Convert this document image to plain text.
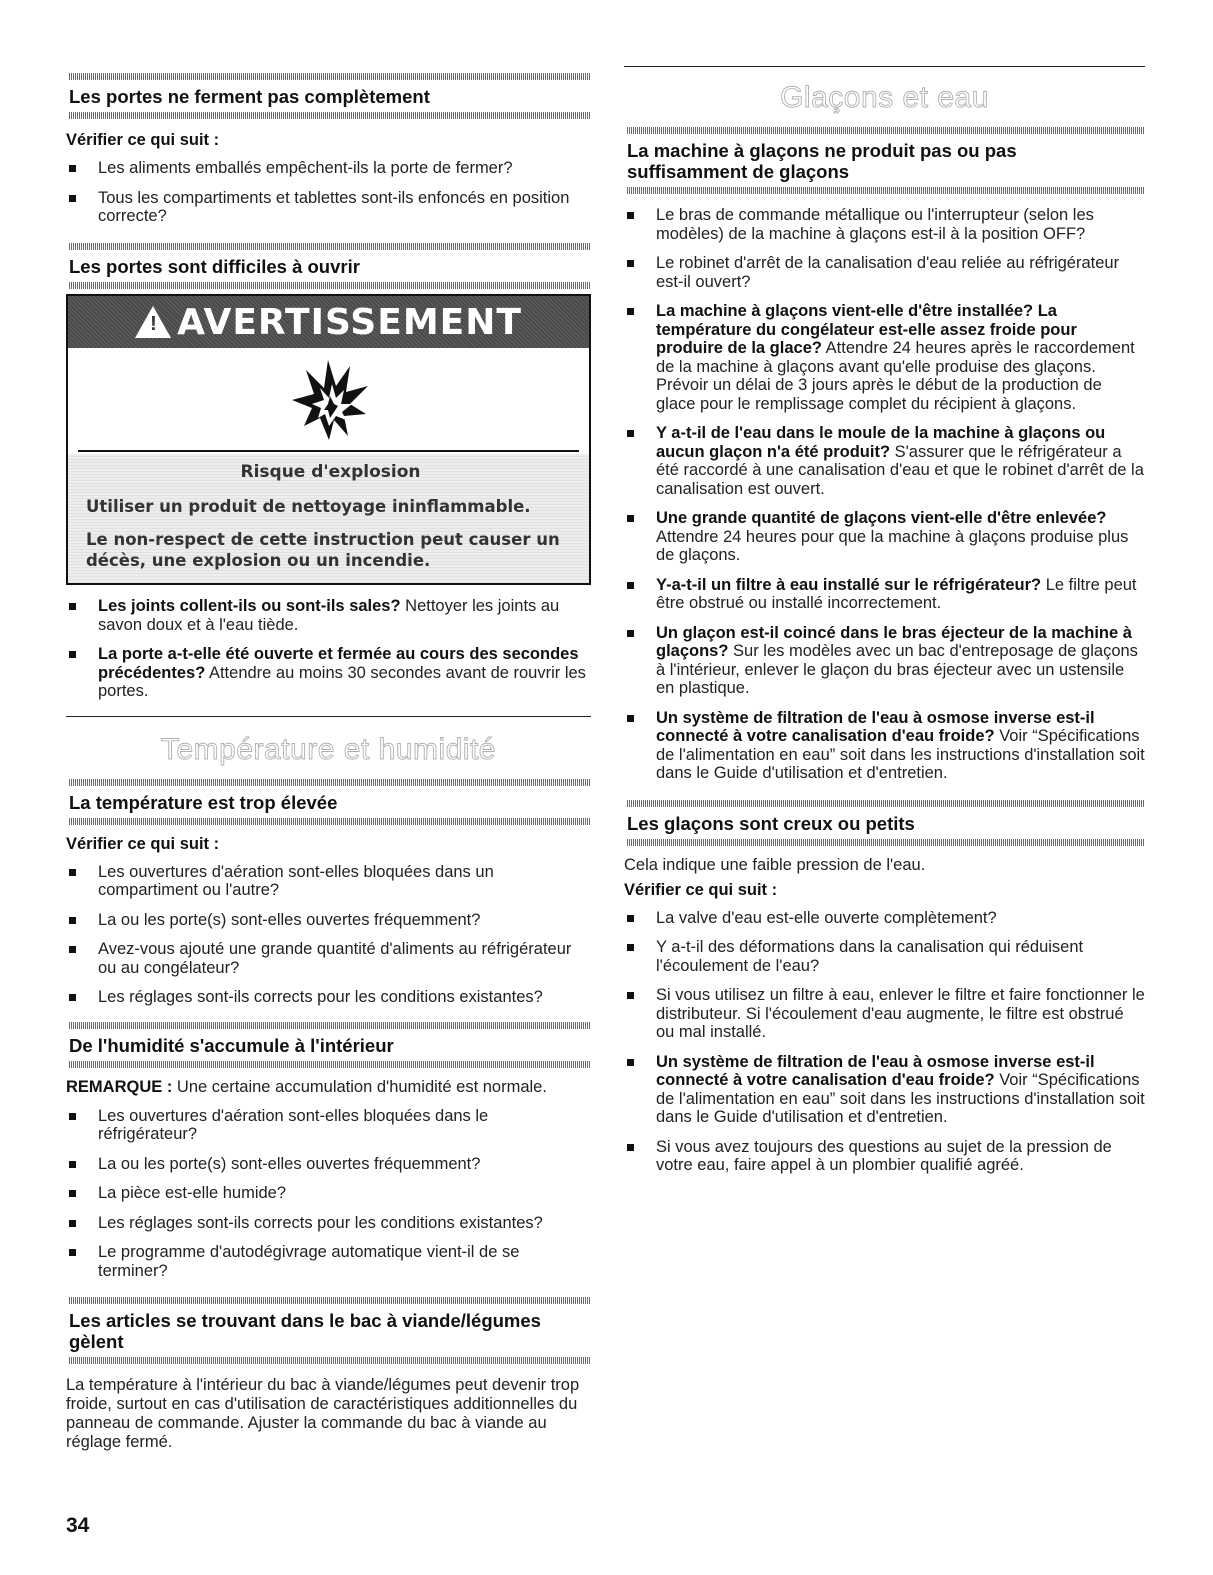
Les portes ne ferment pas complètement
Vérifier ce qui suit :
Les aliments emballés empêchent-ils la porte de fermer?
Tous les compartiments et tablettes sont-ils enfoncés en position correcte?
Les portes sont difficiles à ouvrir
! AVERTISSEMENT
Risque d'explosion
Utiliser un produit de nettoyage ininflammable.
Le non-respect de cette instruction peut causer un décès, une explosion ou un incendie.
Les joints collent-ils ou sont-ils sales? Nettoyer les joints au savon doux et à l'eau tiède.
La porte a-t-elle été ouverte et fermée au cours des secondes précédentes? Attendre au moins 30 secondes avant de rouvrir les portes.
Température et humidité
La température est trop élevée
Vérifier ce qui suit :
Les ouvertures d'aération sont-elles bloquées dans un compartiment ou l'autre?
La ou les porte(s) sont-elles ouvertes fréquemment?
Avez-vous ajouté une grande quantité d'aliments au réfrigérateur ou au congélateur?
Les réglages sont-ils corrects pour les conditions existantes?
De l'humidité s'accumule à l'intérieur
REMARQUE : Une certaine accumulation d'humidité est normale.
Les ouvertures d'aération sont-elles bloquées dans le réfrigérateur?
La ou les porte(s) sont-elles ouvertes fréquemment?
La pièce est-elle humide?
Les réglages sont-ils corrects pour les conditions existantes?
Le programme d'autodégivrage automatique vient-il de se terminer?
Les articles se trouvant dans le bac à viande/légumes gèlent
La température à l'intérieur du bac à viande/légumes peut devenir trop froide, surtout en cas d'utilisation de caractéristiques additionnelles du panneau de commande. Ajuster la commande du bac à viande au réglage fermé.
Glaçons et eau
La machine à glaçons ne produit pas ou pas suffisamment de glaçons
Le bras de commande métallique ou l'interrupteur (selon les modèles) de la machine à glaçons est-il à la position OFF?
Le robinet d'arrêt de la canalisation d'eau reliée au réfrigérateur est-il ouvert?
La machine à glaçons vient-elle d'être installée? La température du congélateur est-elle assez froide pour produire de la glace? Attendre 24 heures après le raccordement de la machine à glaçons avant qu'elle produise des glaçons. Prévoir un délai de 3 jours après le début de la production de glace pour le remplissage complet du récipient à glaçons.
Y a-t-il de l'eau dans le moule de la machine à glaçons ou aucun glaçon n'a été produit? S'assurer que le réfrigérateur a été raccordé à une canalisation d'eau et que le robinet d'arrêt de la canalisation est ouvert.
Une grande quantité de glaçons vient-elle d'être enlevée? Attendre 24 heures pour que la machine à glaçons produise plus de glaçons.
Y-a-t-il un filtre à eau installé sur le réfrigérateur? Le filtre peut être obstrué ou installé incorrectement.
Un glaçon est-il coincé dans le bras éjecteur de la machine à glaçons? Sur les modèles avec un bac d'entreposage de glaçons à l'intérieur, enlever le glaçon du bras éjecteur avec un ustensile en plastique.
Un système de filtration de l'eau à osmose inverse est-il connecté à votre canalisation d'eau froide? Voir “Spécifications de l'alimentation en eau” soit dans les instructions d'installation soit dans le Guide d'utilisation et d'entretien.
Les glaçons sont creux ou petits
Cela indique une faible pression de l'eau.
Vérifier ce qui suit :
La valve d'eau est-elle ouverte complètement?
Y a-t-il des déformations dans la canalisation qui réduisent l'écoulement de l'eau?
Si vous utilisez un filtre à eau, enlever le filtre et faire fonctionner le distributeur. Si l'écoulement d'eau augmente, le filtre est obstrué ou mal installé.
Un système de filtration de l'eau à osmose inverse est-il connecté à votre canalisation d'eau froide? Voir “Spécifications de l'alimentation en eau” soit dans les instructions d'installation soit dans le Guide d'utilisation et d'entretien.
Si vous avez toujours des questions au sujet de la pression de votre eau, faire appel à un plombier qualifié agréé.
34
